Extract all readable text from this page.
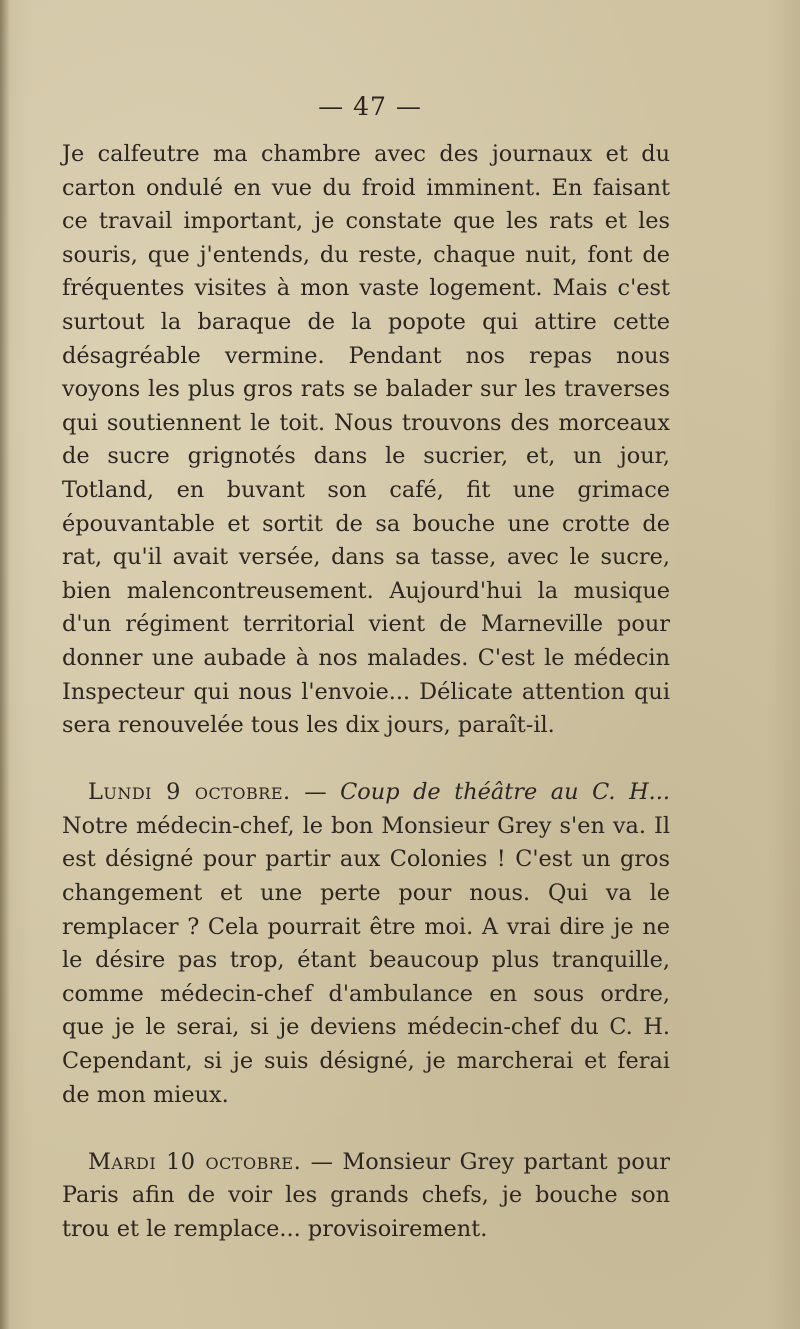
— 47 —

Je calfeutre ma chambre avec des journaux et du carton ondulé en vue du froid imminent. En faisant ce travail important, je constate que les rats et les souris, que j'entends, du reste, chaque nuit, font de fréquentes visites à mon vaste logement. Mais c'est surtout la baraque de la popote qui attire cette désagréable vermine. Pendant nos repas nous voyons les plus gros rats se balader sur les traverses qui soutiennent le toit. Nous trouvons des morceaux de sucre grignotés dans le sucrier, et, un jour, Totland, en buvant son café, fit une grimace épouvantable et sortit de sa bouche une crotte de rat, qu'il avait versée, dans sa tasse, avec le sucre, bien malencontreusement. Aujourd'hui la musique d'un régiment territorial vient de Marneville pour donner une aubade à nos malades. C'est le médecin Inspecteur qui nous l'envoie... Délicate attention qui sera renouvelée tous les dix jours, paraît-il.

Lundi 9 octobre. — Coup de théâtre au C. H... Notre médecin-chef, le bon Monsieur Grey s'en va. Il est désigné pour partir aux Colonies ! C'est un gros changement et une perte pour nous. Qui va le remplacer ? Cela pourrait être moi. A vrai dire je ne le désire pas trop, étant beaucoup plus tranquille, comme médecin-chef d'ambulance en sous ordre, que je le serai, si je deviens médecin-chef du C. H. Cependant, si je suis désigné, je marcherai et ferai de mon mieux.

Mardi 10 octobre. — Monsieur Grey partant pour Paris afin de voir les grands chefs, je bouche son trou et le remplace... provisoirement.
